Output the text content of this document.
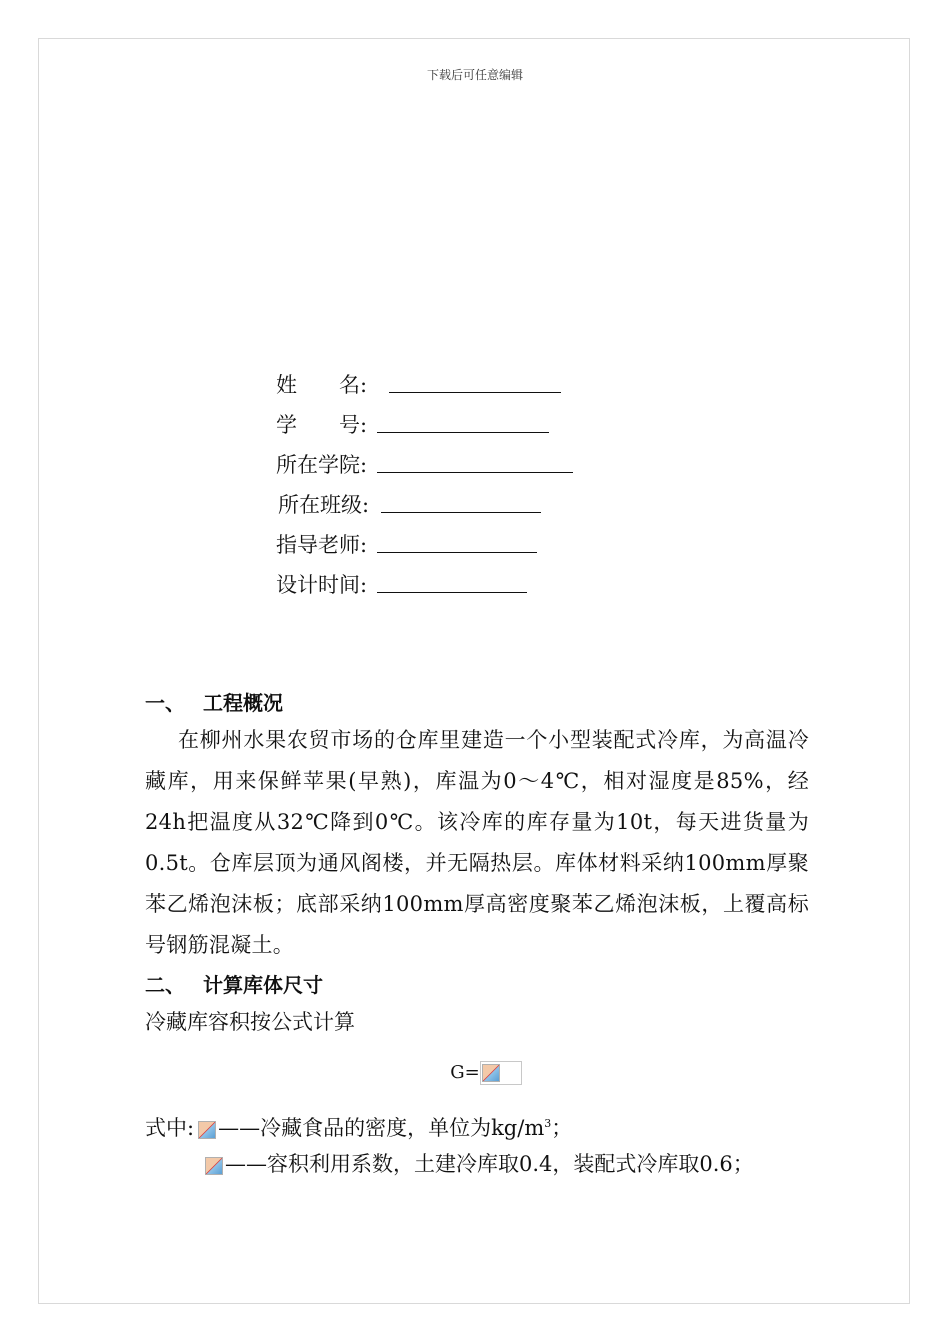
下载后可任意编辑
姓　　名:
学　　号:
所在学院:
所在班级:
指导老师:
设计时间:
一、 工程概况
在柳州水果农贸市场的仓库里建造一个小型装配式冷库，为高温冷藏库，用来保鲜苹果(早熟)，库温为0～4℃，相对湿度是85%，经24h把温度从32℃降到0℃。该冷库的库存量为10t，每天进货量为0.5t。仓库层顶为通风阁楼，并无隔热层。库体材料采纳100mm厚聚苯乙烯泡沫板；底部采纳100mm厚高密度聚苯乙烯泡沫板，上覆高标号钢筋混凝土。
二、 计算库体尺寸
冷藏库容积按公式计算
G=
式中: ——冷藏食品的密度，单位为$kg/m^3$；
——容积利用系数，土建冷库取0.4，装配式冷库取0.6；
